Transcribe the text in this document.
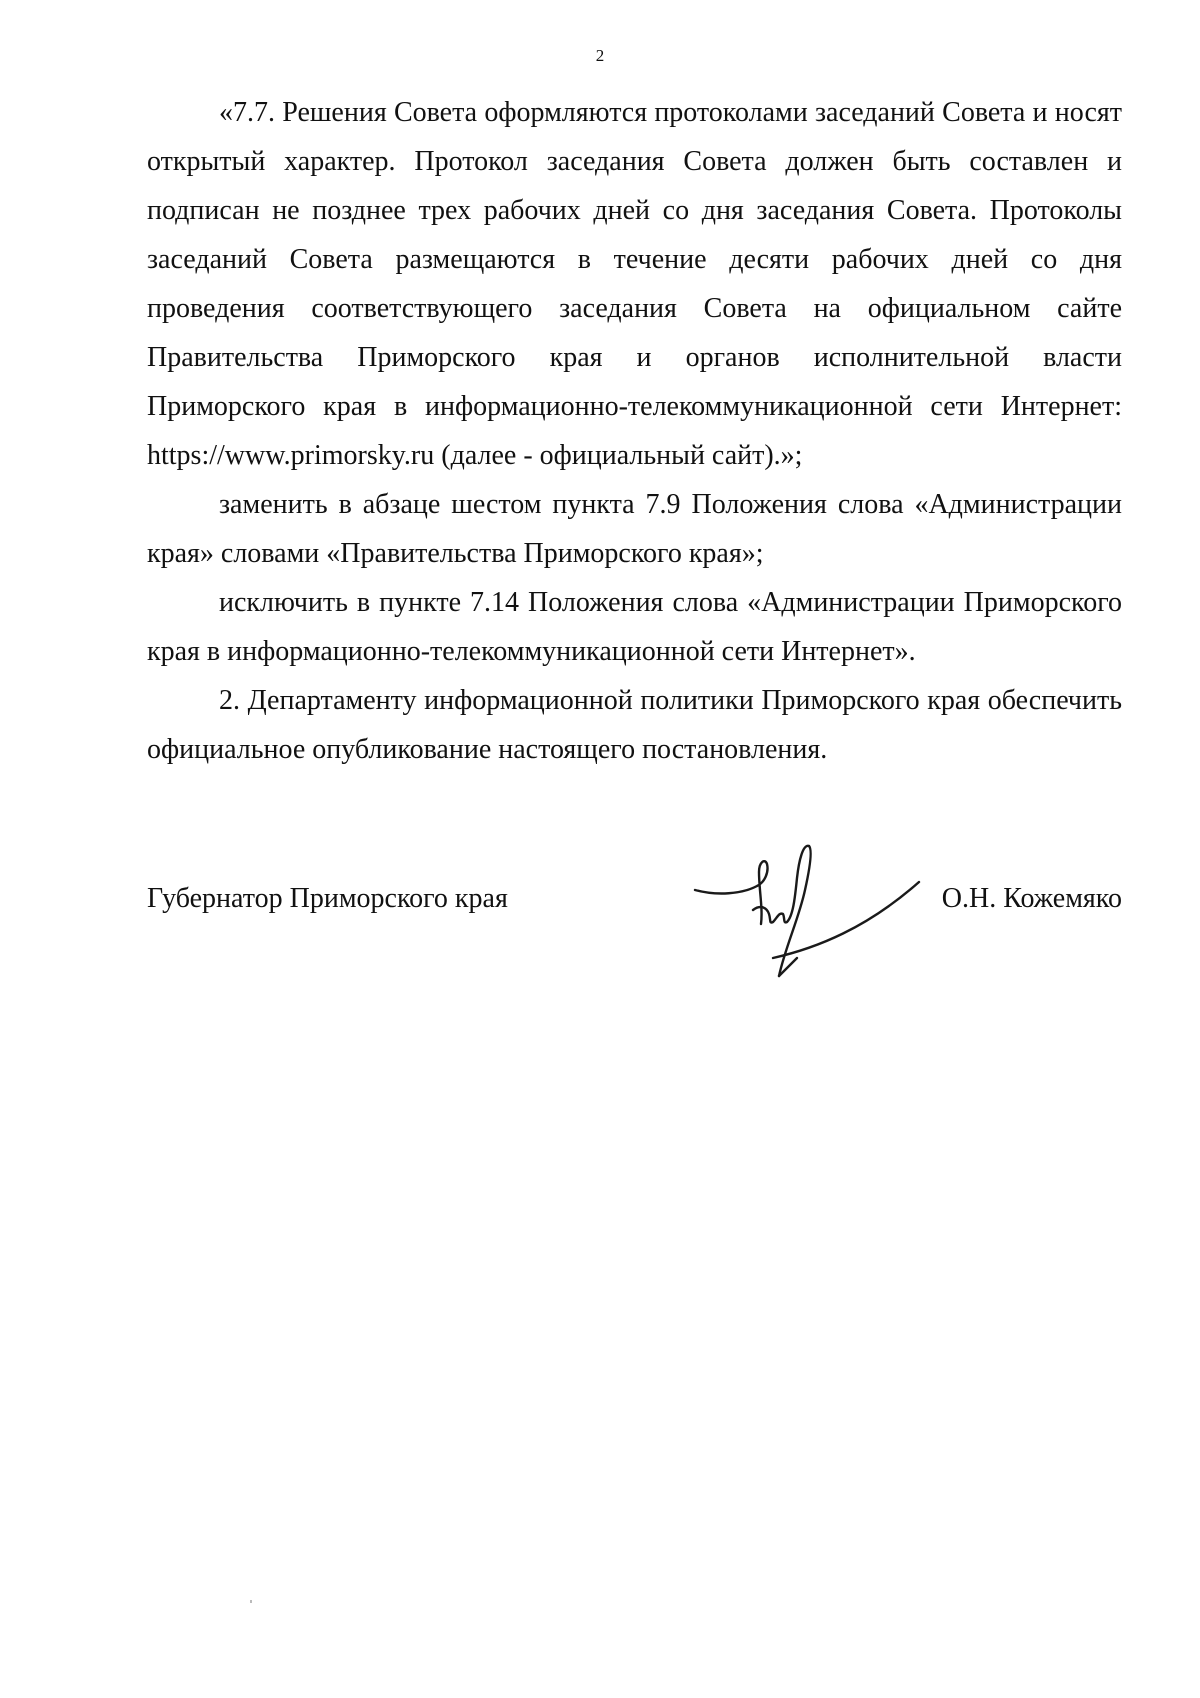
2

«7.7. Решения Совета оформляются протоколами заседаний Совета и носят открытый характер. Протокол заседания Совета должен быть составлен и подписан не позднее трех рабочих дней со дня заседания Совета. Протоколы заседаний Совета размещаются в течение десяти рабочих дней со дня проведения соответствующего заседания Совета на официальном сайте Правительства Приморского края и органов исполнительной власти Приморского края в информационно-телекоммуникационной сети Интернет: https://www.primorsky.ru (далее - официальный сайт).»;

заменить в абзаце шестом пункта 7.9 Положения слова «Администрации края» словами «Правительства Приморского края»;

исключить в пункте 7.14 Положения слова «Администрации Приморского края в информационно-телекоммуникационной сети Интернет».

2. Департаменту информационной политики Приморского края обеспечить официальное опубликование настоящего постановления.

Губернатор Приморского края	О.Н. Кожемяко
